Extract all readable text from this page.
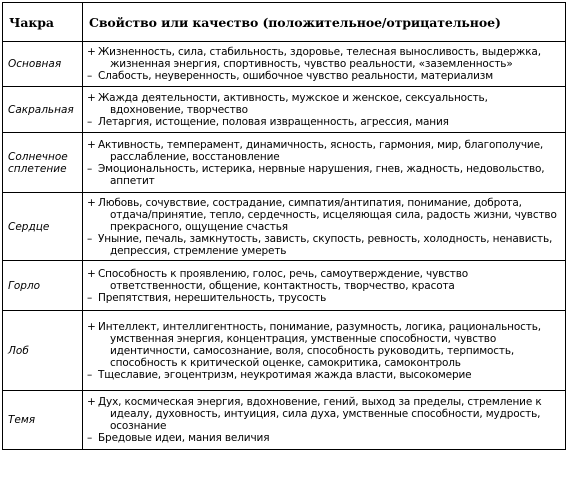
Чакра	Свойство или качество (положительное/отрицательное)
Основная	+ Жизненность, сила, стабильность, здоровье, телесная выносливость, выдержка, жизненная энергия, спортивность, чувство реальности, «заземленность»
– Слабость, неуверенность, ошибочное чувство реальности, материализм

Сакральная	+ Жажда деятельности, активность, мужское и женское, сексуальность, вдохновение, творчество
– Летаргия, истощение, половая извращенность, агрессия, мания

Солнечное сплетение	+ Активность, темперамент, динамичность, ясность, гармония, мир, благополучие, расслабление, восстановление
– Эмоциональность, истерика, нервные нарушения, гнев, жадность, недовольство, аппетит

Сердце	+ Любовь, сочувствие, сострадание, симпатия/антипатия, понимание, доброта, отдача/принятие, тепло, сердечность, исцеляющая сила, радость жизни, чувство прекрасного, ощущение счастья
– Уныние, печаль, замкнутость, зависть, скупость, ревность, холодность, ненависть, депрессия, стремление умереть

Горло	+ Способность к проявлению, голос, речь, самоутверждение, чувство ответственности, общение, контактность, творчество, красота
– Препятствия, нерешительность, трусость

Лоб	+ Интеллект, интеллигентность, понимание, разумность, логика, рациональность, умственная энергия, концентрация, умственные способности, чувство идентичности, самосознание, воля, способность руководить, терпимость, способность к критической оценке, самокритика, самоконтроль
– Тщеславие, эгоцентризм, неукротимая жажда власти, высокомерие

Темя	+ Дух, космическая энергия, вдохновение, гений, выход за пределы, стремление к идеалу, духовность, интуиция, сила духа, умственные способности, мудрость, осознание
– Бредовые идеи, мания величия
